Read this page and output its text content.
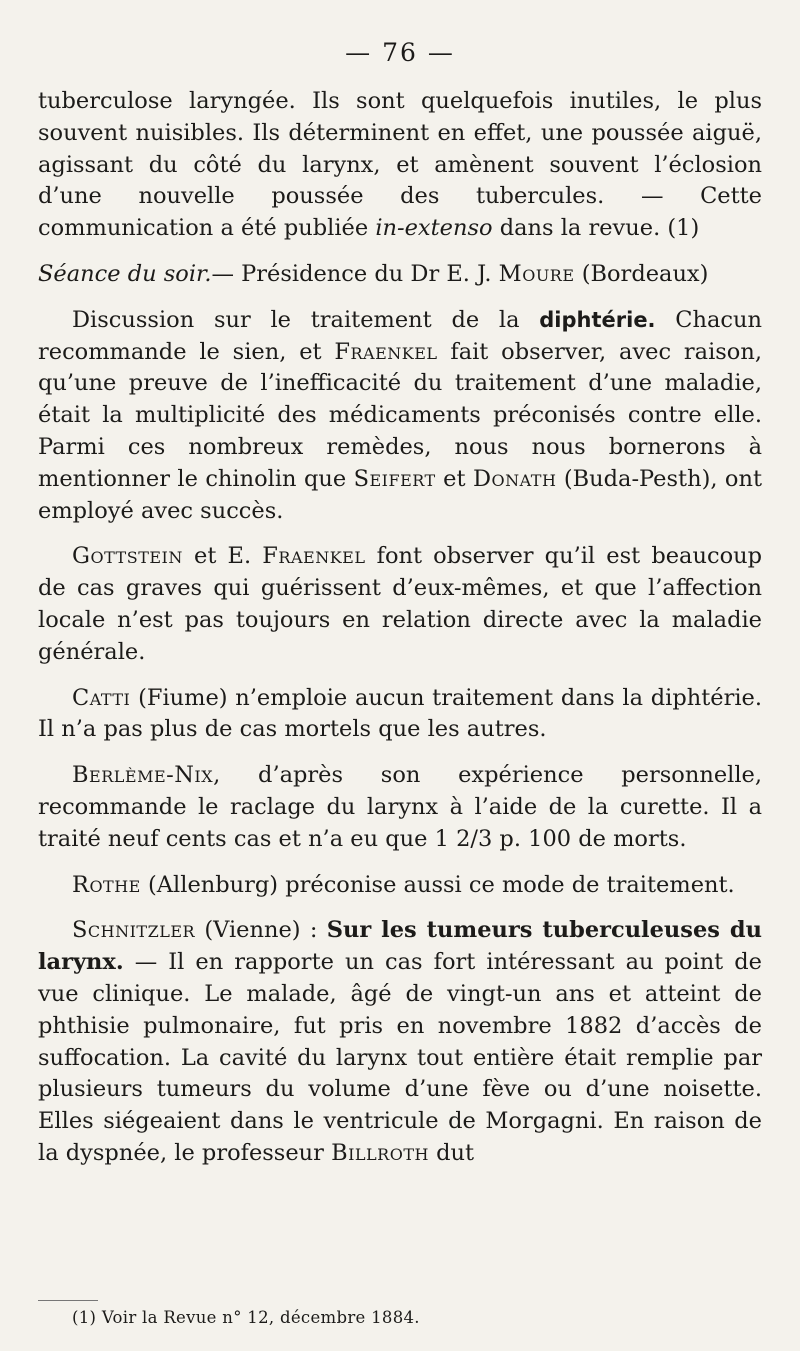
— 76 —

tuberculose laryngée. Ils sont quelquefois inutiles, le plus souvent nuisibles. Ils déterminent en effet, une poussée aiguë, agissant du côté du larynx, et amènent souvent l’éclosion d’une nouvelle poussée des tubercules. — Cette communication a été publiée in-extenso dans la revue. (1)

Séance du soir.— Présidence du Dr E. J. Moure (Bordeaux)

Discussion sur le traitement de la diphtérie. Chacun recommande le sien, et Fraenkel fait observer, avec raison, qu’une preuve de l’inefficacité du traitement d’une maladie, était la multiplicité des médicaments préconisés contre elle. Parmi ces nombreux remèdes, nous nous bornerons à mentionner le chinolin que Seifert et Donath (Buda-Pesth), ont employé avec succès.

Gottstein et E. Fraenkel font observer qu’il est beaucoup de cas graves qui guérissent d’eux-mêmes, et que l’affection locale n’est pas toujours en relation directe avec la maladie générale.

Catti (Fiume) n’emploie aucun traitement dans la diphtérie. Il n’a pas plus de cas mortels que les autres.

Berlème-Nix, d’après son expérience personnelle, recommande le raclage du larynx à l’aide de la curette. Il a traité neuf cents cas et n’a eu que 1 2/3 p. 100 de morts.

Rothe (Allenburg) préconise aussi ce mode de traitement.

Schnitzler (Vienne) : Sur les tumeurs tuberculeuses du larynx. — Il en rapporte un cas fort intéressant au point de vue clinique. Le malade, âgé de vingt-un ans et atteint de phthisie pulmonaire, fut pris en novembre 1882 d’accès de suffocation. La cavité du larynx tout entière était remplie par plusieurs tumeurs du volume d’une fève ou d’une noisette. Elles siégeaient dans le ventricule de Morgagni. En raison de la dyspnée, le professeur Billroth dut

(1) Voir la Revue n° 12, décembre 1884.
